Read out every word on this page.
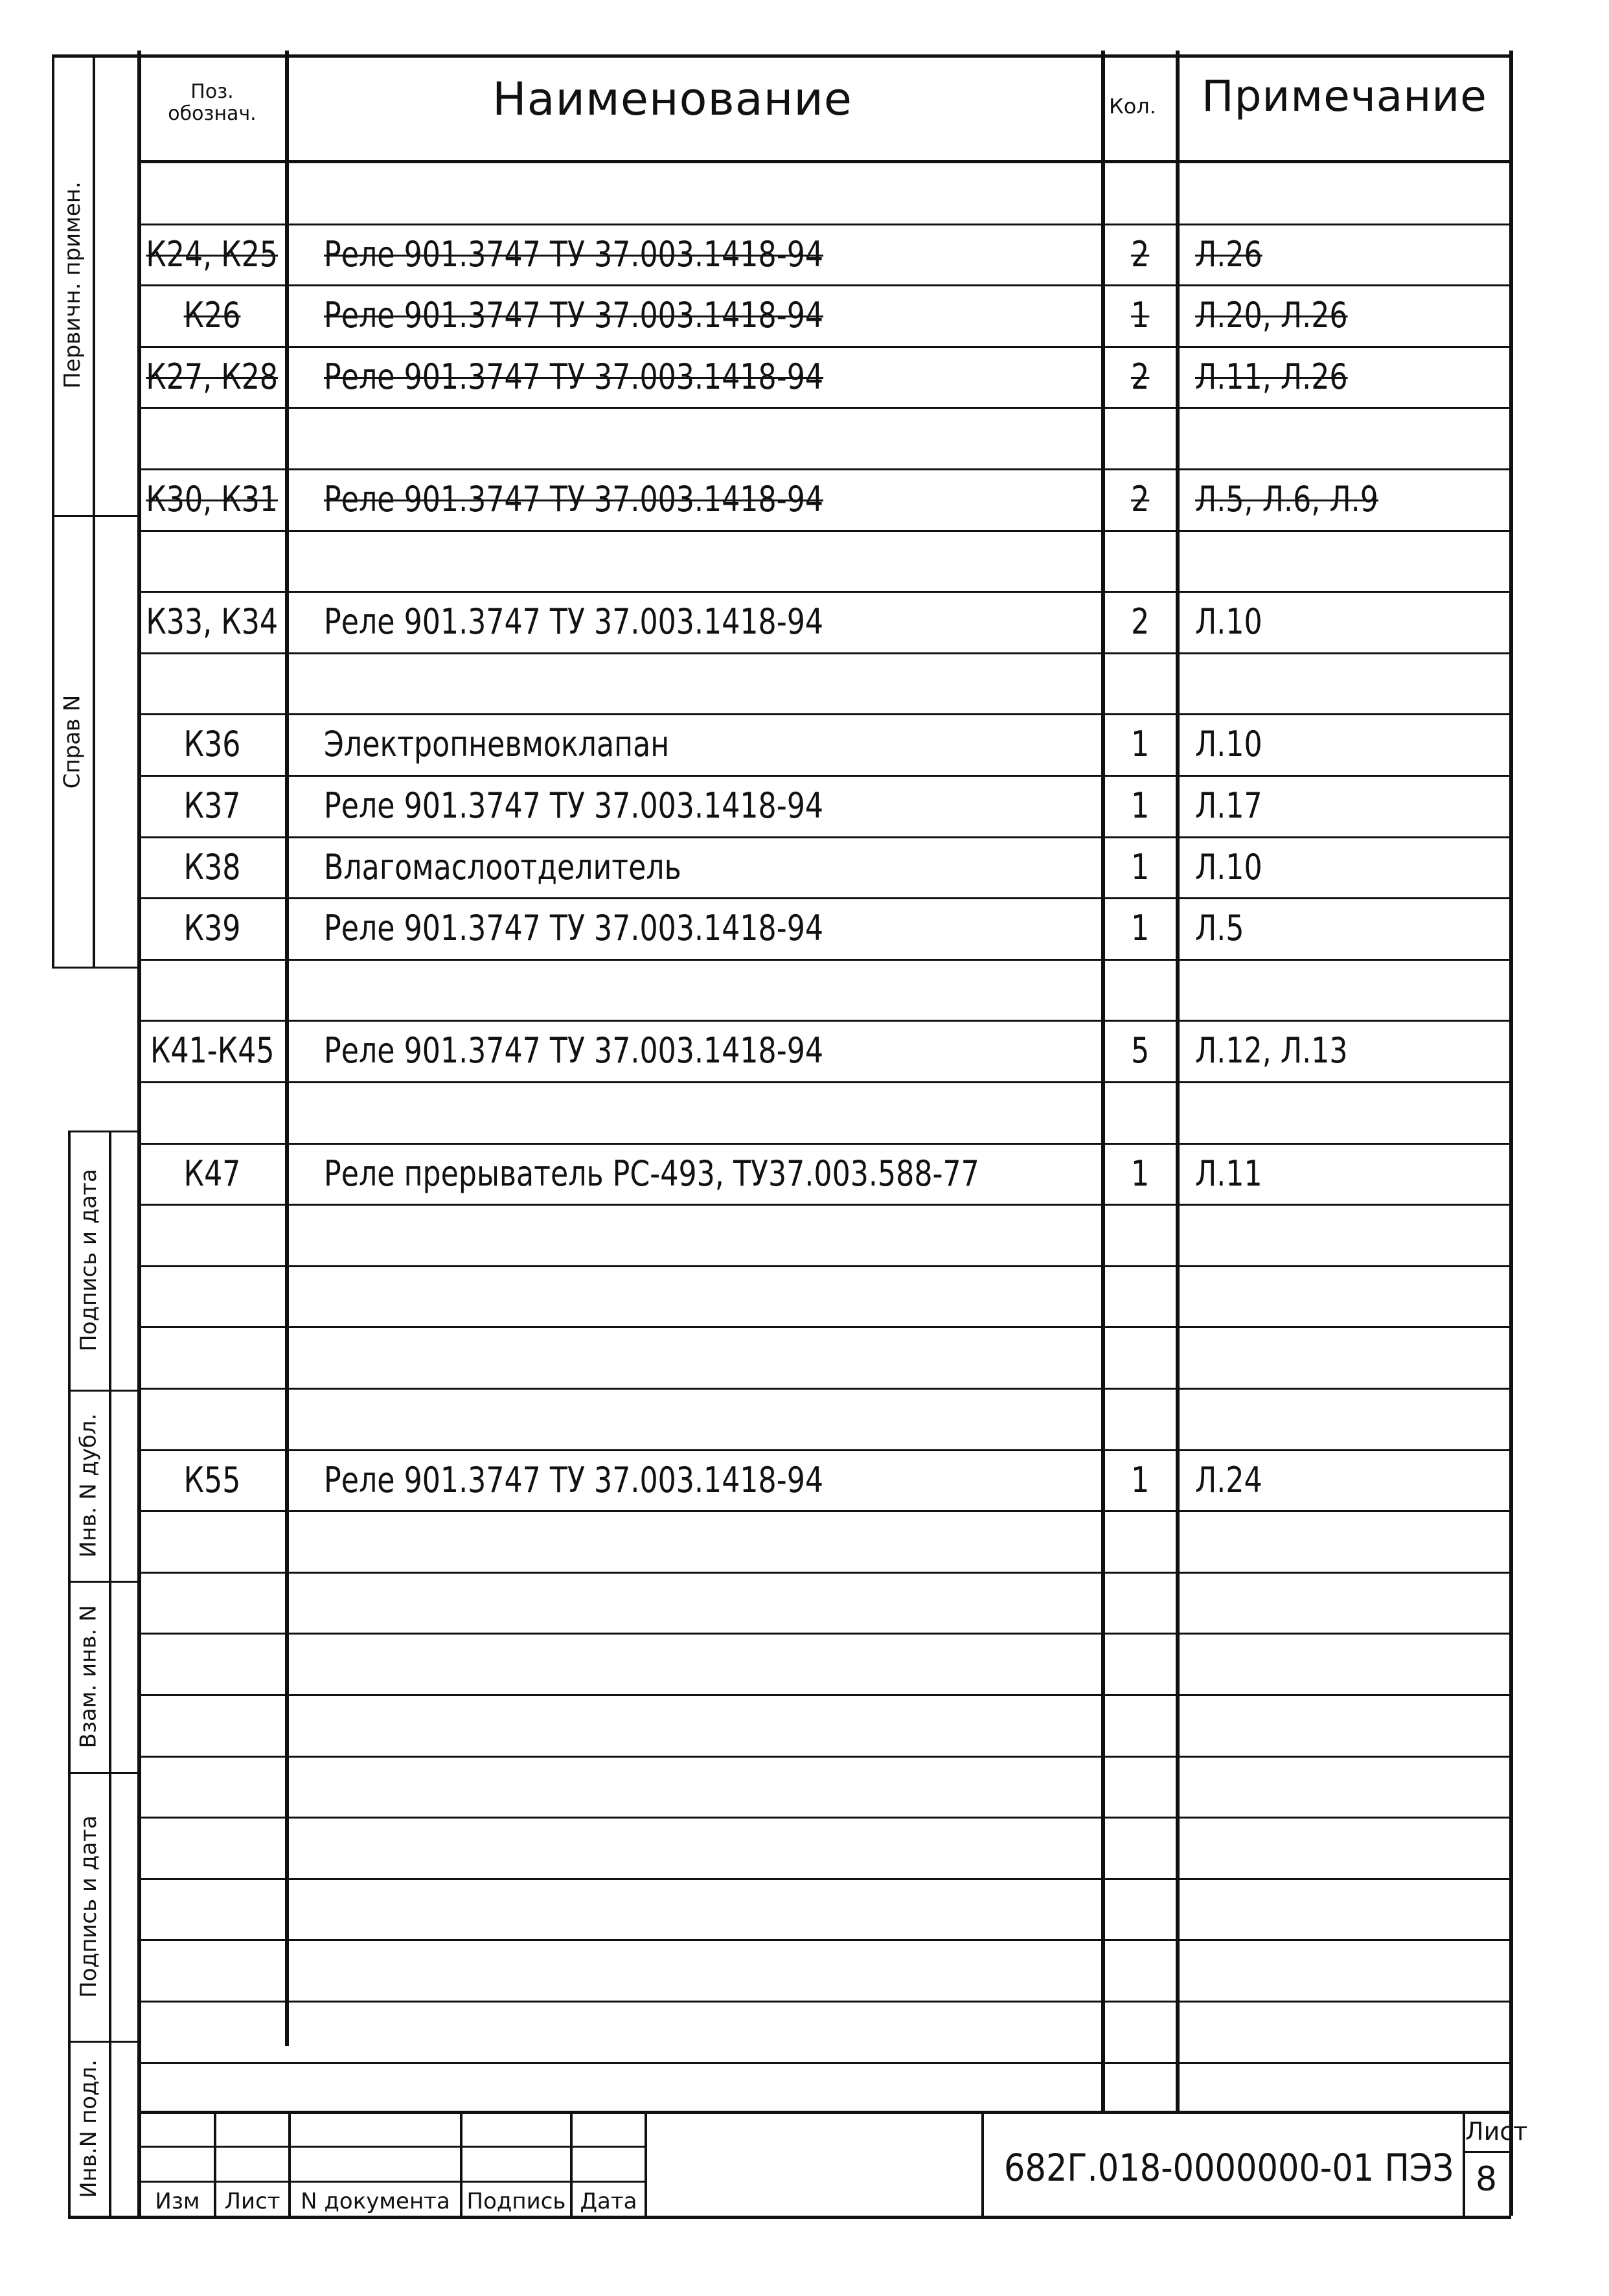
Поз.
обознач.	Наименование	Кол. Примечание
К24, К25 Реле 901.3747 ТУ 37.003.1418-94	2 Л.26
К26 Реле 901.3747 ТУ 37.003.1418-94	1 Л.20, Л.26
К27, К28 Реле 901.3747 ТУ 37.003.1418-94	2 Л.11, Л.26
К30, К31 Реле 901.3747 ТУ 37.003.1418-94	2 Л.5, Л.6, Л.9
К33, К34 Реле 901.3747 ТУ 37.003.1418-94	2 Л.10
К36 Электропневмоклапан	1 Л.10
К37 Реле 901.3747 ТУ 37.003.1418-94	1 Л.17
К38 Влагомаслоотделитель	1 Л.10
К39 Реле 901.3747 ТУ 37.003.1418-94	1 Л.5
К41-К45 Реле 901.3747 ТУ 37.003.1418-94	5 Л.12, Л.13
К47 Реле прерыватель РС-493, ТУ37.003.588-77	1 Л.11
К55 Реле 901.3747 ТУ 37.003.1418-94	1 Л.24
Первичн. примен.
Справ N
Подпись и дата
Инв. N дубл.
Взам. инв. N
Подпись и дата
Инв.N подл.
Изм	Лист N документа Подпись Дата
682Г.018-0000000-01 ПЭЗ
Лист
8
